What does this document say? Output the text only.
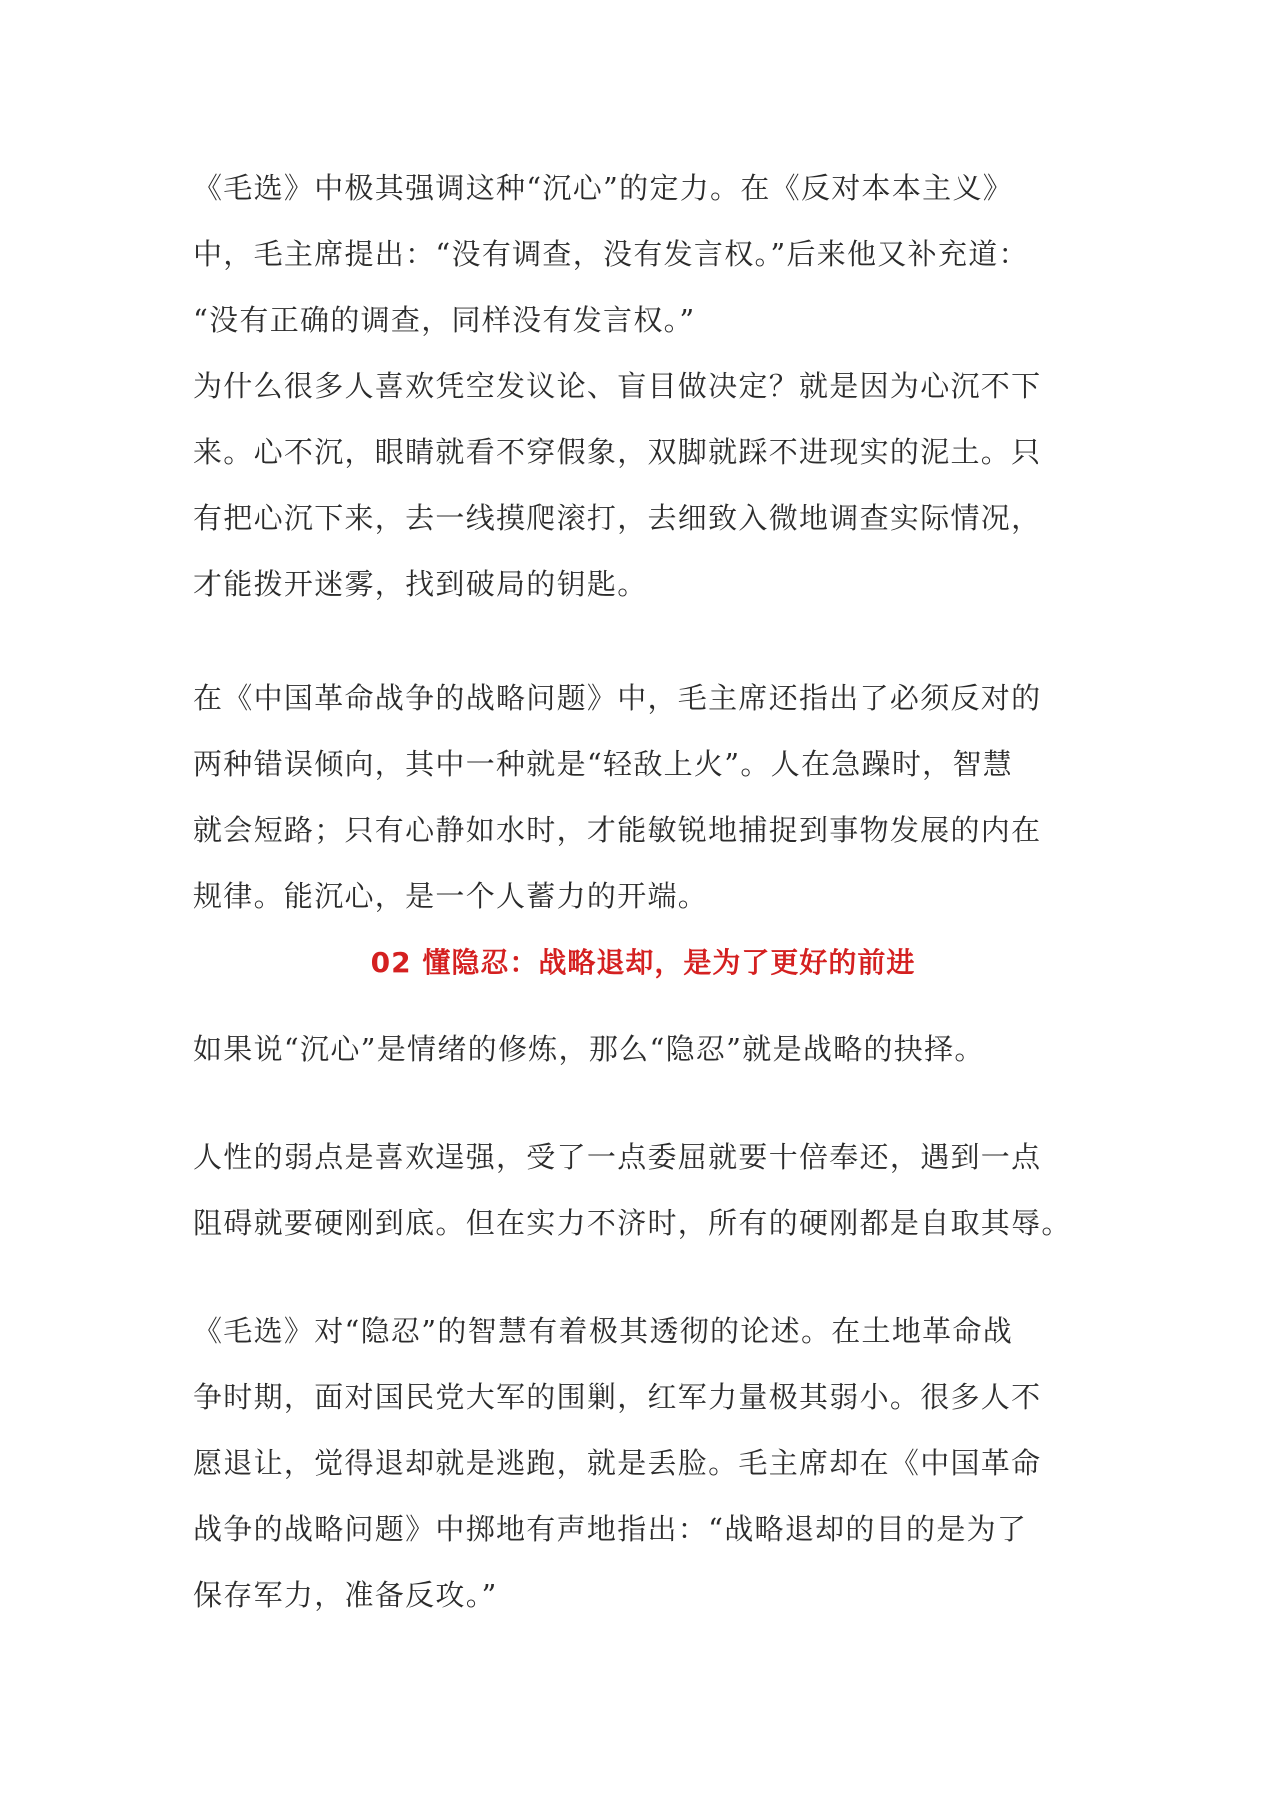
《毛选》中极其强调这种“沉心”的定力。在《反对本本主义》
中，毛主席提出：“没有调查，没有发言权。”后来他又补充道：
“没有正确的调查，同样没有发言权。”
为什么很多人喜欢凭空发议论、盲目做决定？就是因为心沉不下
来。心不沉，眼睛就看不穿假象，双脚就踩不进现实的泥土。只
有把心沉下来，去一线摸爬滚打，去细致入微地调查实际情况，
才能拨开迷雾，找到破局的钥匙。
在《中国革命战争的战略问题》中，毛主席还指出了必须反对的
两种错误倾向，其中一种就是“轻敌上火”。人在急躁时，智慧
就会短路；只有心静如水时，才能敏锐地捕捉到事物发展的内在
规律。能沉心，是一个人蓄力的开端。
02 懂隐忍：战略退却，是为了更好的前进
如果说“沉心”是情绪的修炼，那么“隐忍”就是战略的抉择。
人性的弱点是喜欢逞强，受了一点委屈就要十倍奉还，遇到一点
阻碍就要硬刚到底。但在实力不济时，所有的硬刚都是自取其辱。
《毛选》对“隐忍”的智慧有着极其透彻的论述。在土地革命战
争时期，面对国民党大军的围剿，红军力量极其弱小。很多人不
愿退让，觉得退却就是逃跑，就是丢脸。毛主席却在《中国革命
战争的战略问题》中掷地有声地指出：“战略退却的目的是为了
保存军力，准备反攻。”
